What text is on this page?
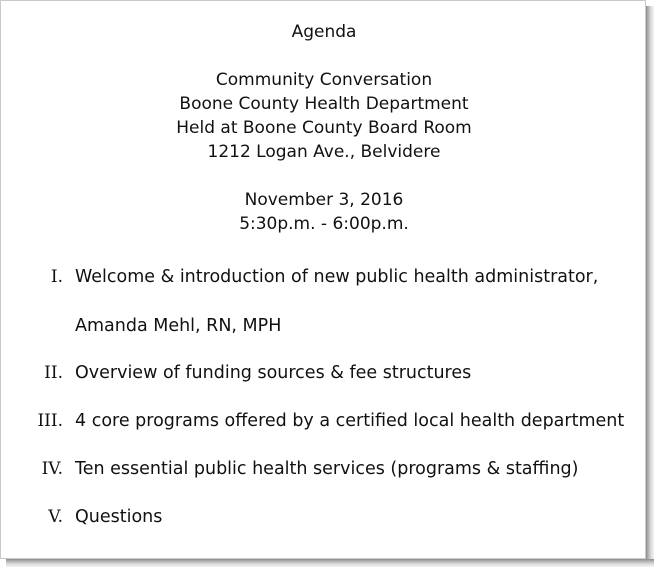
Agenda
Community Conversation
Boone County Health Department
Held at Boone County Board Room
1212 Logan Ave., Belvidere
November 3, 2016
5:30p.m. - 6:00p.m.
I. Welcome & introduction of new public health administrator,
Amanda Mehl, RN, MPH
II. Overview of funding sources & fee structures
III. 4 core programs offered by a certified local health department
IV. Ten essential public health services (programs & staffing)
V. Questions
